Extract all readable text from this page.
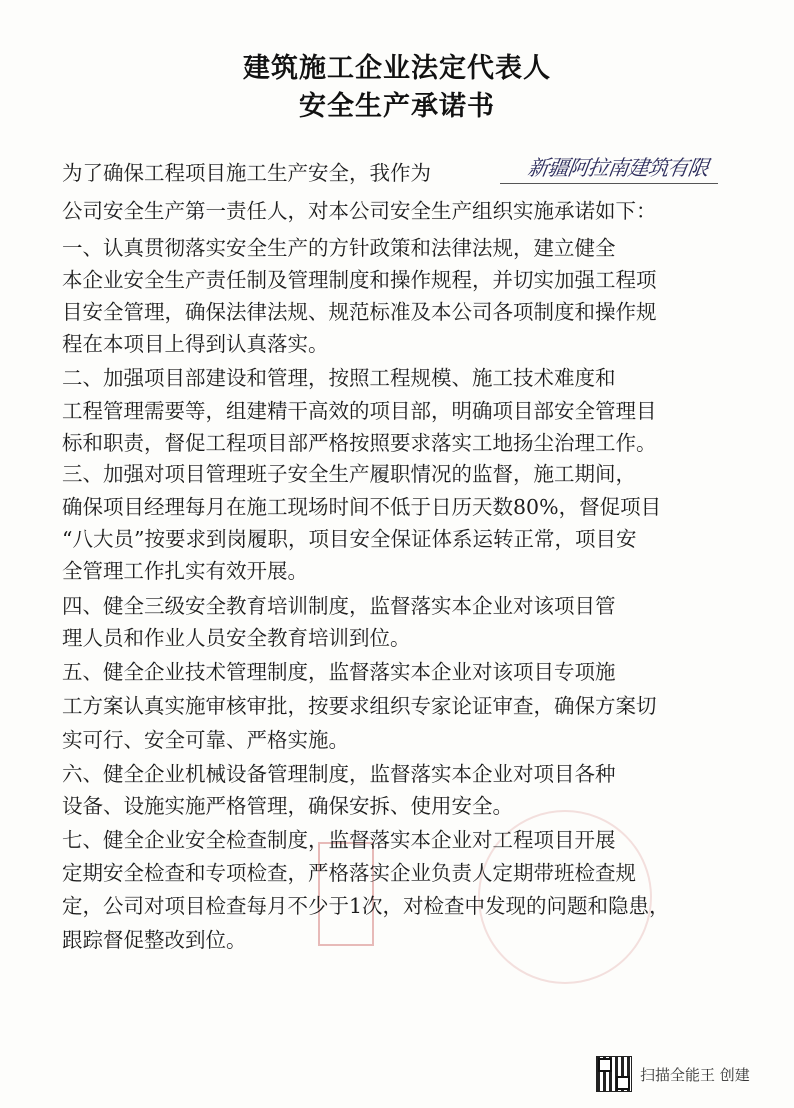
建筑施工企业法定代表人
安全生产承诺书
新疆阿拉南建筑有限
为了确保工程项目施工生产安全，我作为
公司安全生产第一责任人，对本公司安全生产组织实施承诺如下：
一、认真贯彻落实安全生产的方针政策和法律法规，建立健全
本企业安全生产责任制及管理制度和操作规程，并切实加强工程项
目安全管理，确保法律法规、规范标准及本公司各项制度和操作规
程在本项目上得到认真落实。
二、加强项目部建设和管理，按照工程规模、施工技术难度和
工程管理需要等，组建精干高效的项目部，明确项目部安全管理目
标和职责，督促工程项目部严格按照要求落实工地扬尘治理工作。
三、加强对项目管理班子安全生产履职情况的监督，施工期间，
确保项目经理每月在施工现场时间不低于日历天数80%，督促项目
“八大员”按要求到岗履职，项目安全保证体系运转正常，项目安
全管理工作扎实有效开展。
四、健全三级安全教育培训制度，监督落实本企业对该项目管
理人员和作业人员安全教育培训到位。
五、健全企业技术管理制度，监督落实本企业对该项目专项施
工方案认真实施审核审批，按要求组织专家论证审查，确保方案切
实可行、安全可靠、严格实施。
六、健全企业机械设备管理制度，监督落实本企业对项目各种
设备、设施实施严格管理，确保安拆、使用安全。
七、健全企业安全检查制度，监督落实本企业对工程项目开展
定期安全检查和专项检查，严格落实企业负责人定期带班检查规
定，公司对项目检查每月不少于1次，对检查中发现的问题和隐患，
跟踪督促整改到位。
扫描全能王 创建
